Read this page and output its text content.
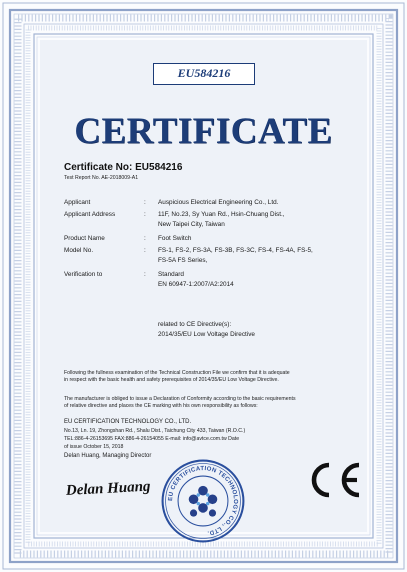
EU584216
CERTIFICATE
Certificate No: EU584216
Test Report No. AE-2018009-A1
Applicant	: Auspicious Electrical Engineering Co., Ltd.
Applicant Address	: 11F, No.23, Sy Yuan Rd., Hsin-Chuang Dist.,
New Taipei City, Taiwan
Product Name	: Foot Switch
Model No.	: FS-1, FS-2, FS-3A, FS-3B, FS-3C, FS-4, FS-4A, FS-5,
FS-5A FS Series,
Verification to	: Standard
EN 60947-1:2007/A2:2014
related to CE Directive(s):
2014/35/EU Low Voltage Directive
Following the fullness examination of the Technical Construction File we confirm that it is adequate
in respect with the basic health and safety prerequisites of 2014/35/EU Low Voltage Directive.
The manufacturer is obliged to issue a Declaration of Conformity according to the basic requirements
of relative directive and places the CE marking with his own responsibility as follows:
EU CERTIFICATION TECHNOLOGY CO., LTD.
No.13, Ln. 19, Zhongshan Rd., Shalu Dist., Taichung City 433, Taiwan (R.O.C.)
TEL:886-4-26153695 FAX:886-4-26154055 E-mail: info@avtce.com.tw Date
of issue October 15, 2018
Delan Huang, Managing Director
Delan Huang EU CERTIFICATION TECHNOLOGY CO., LTD.
